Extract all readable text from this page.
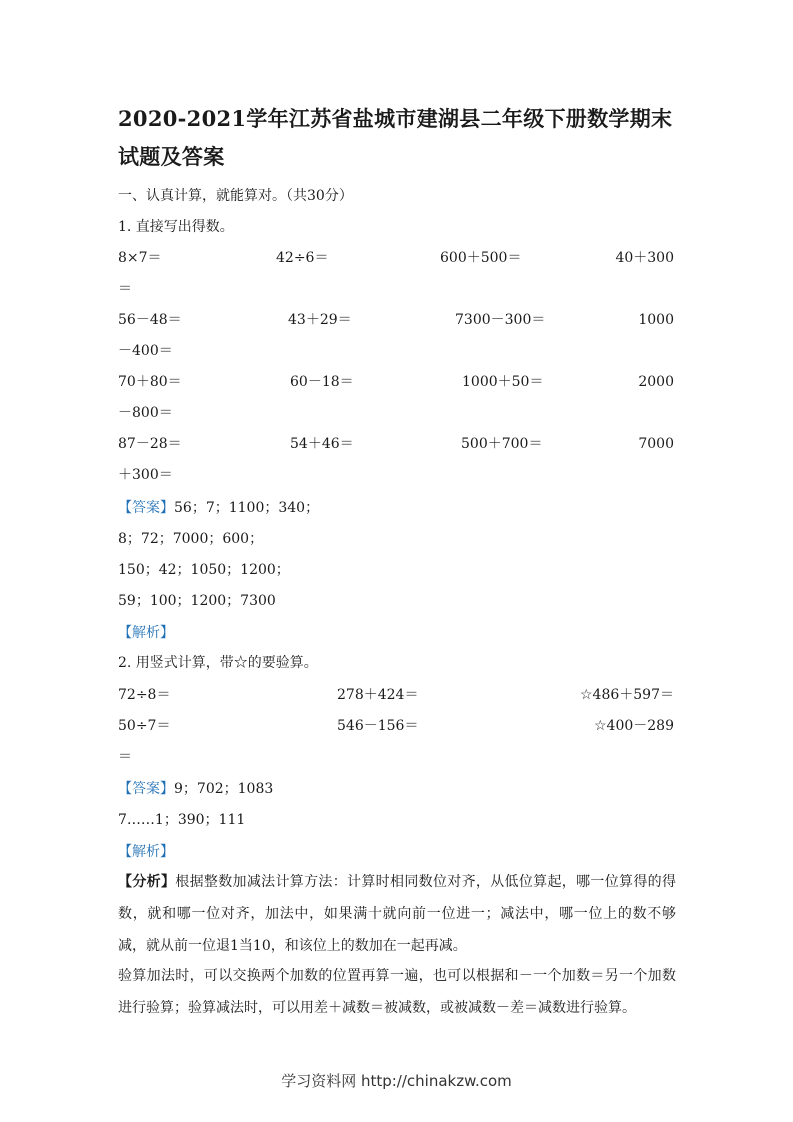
2020-2021学年江苏省盐城市建湖县二年级下册数学期末试题及答案
一、认真计算，就能算对。（共30分）
1. 直接写出得数。
8×7＝	42÷6＝	600＋500＝	40＋300
＝
56－48＝	43＋29＝	7300－300＝	1000
－400＝
70＋80＝	60－18＝	1000＋50＝	2000
－800＝
87－28＝	54＋46＝	500＋700＝	7000
＋300＝
【答案】56；7；1100；340；
8；72；7000；600；
150；42；1050；1200；
59；100；1200；7300
【解析】
2. 用竖式计算，带☆的要验算。
72÷8＝	278＋424＝	☆486＋597＝
50÷7＝	546－156＝	☆400－289
＝
【答案】9；702；1083
7……1；390；111
【解析】
【分析】根据整数加减法计算方法：计算时相同数位对齐，从低位算起，哪一位算得的得数，就和哪一位对齐，加法中，如果满十就向前一位进一；减法中，哪一位上的数不够减，就从前一位退1当10，和该位上的数加在一起再减。
验算加法时，可以交换两个加数的位置再算一遍，也可以根据和－一个加数＝另一个加数进行验算；验算减法时，可以用差＋减数＝被减数，或被减数－差＝减数进行验算。
学习资料网 http://chinakzw.com
